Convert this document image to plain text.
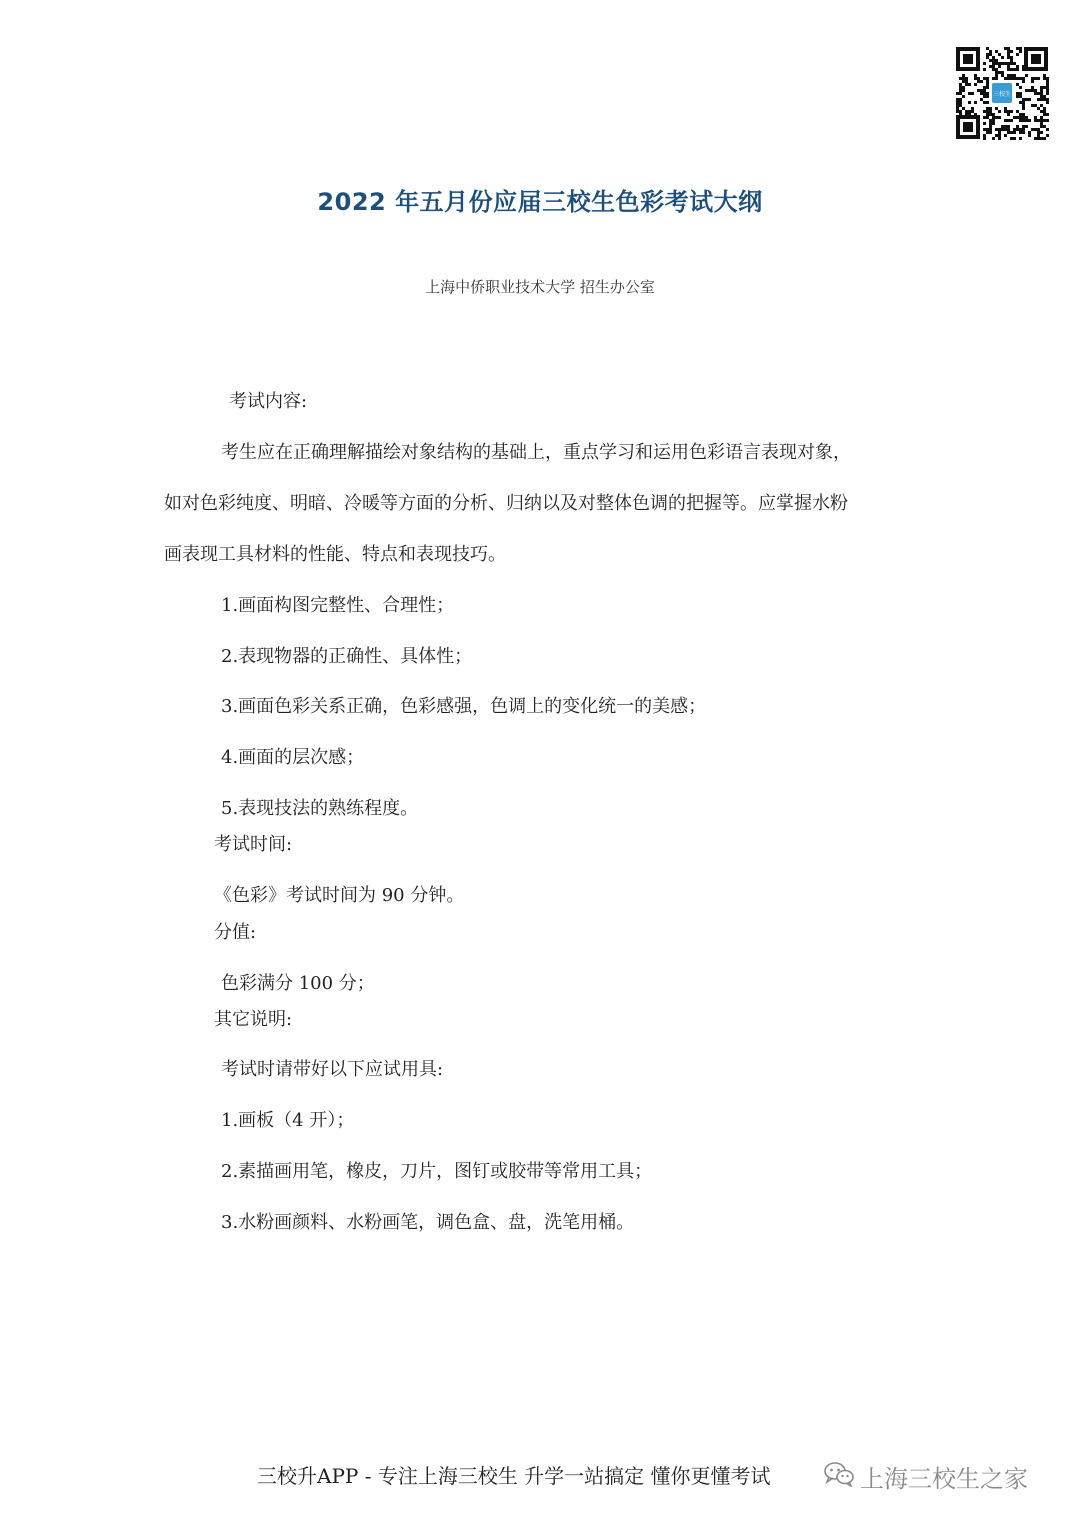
三校生
2022 年五月份应届三校生色彩考试大纲
上海中侨职业技术大学 招生办公室
考试内容:
考生应在正确理解描绘对象结构的基础上，重点学习和运用色彩语言表现对象，
如对色彩纯度、明暗、冷暖等方面的分析、归纳以及对整体色调的把握等。应掌握水粉
画表现工具材料的性能、特点和表现技巧。
1.画面构图完整性、合理性；
2.表现物器的正确性、具体性；
3.画面色彩关系正确，色彩感强，色调上的变化统一的美感；
4.画面的层次感；
5.表现技法的熟练程度。
考试时间:
《色彩》考试时间为 90 分钟。
分值:
色彩满分 100 分；
其它说明:
考试时请带好以下应试用具:
1.画板（4 开）；
2.素描画用笔，橡皮，刀片，图钉或胶带等常用工具；
3.水粉画颜料、水粉画笔，调色盒、盘，洗笔用桶。
三校升APP - 专注上海三校生 升学一站搞定 懂你更懂考试	上海三校生之家
